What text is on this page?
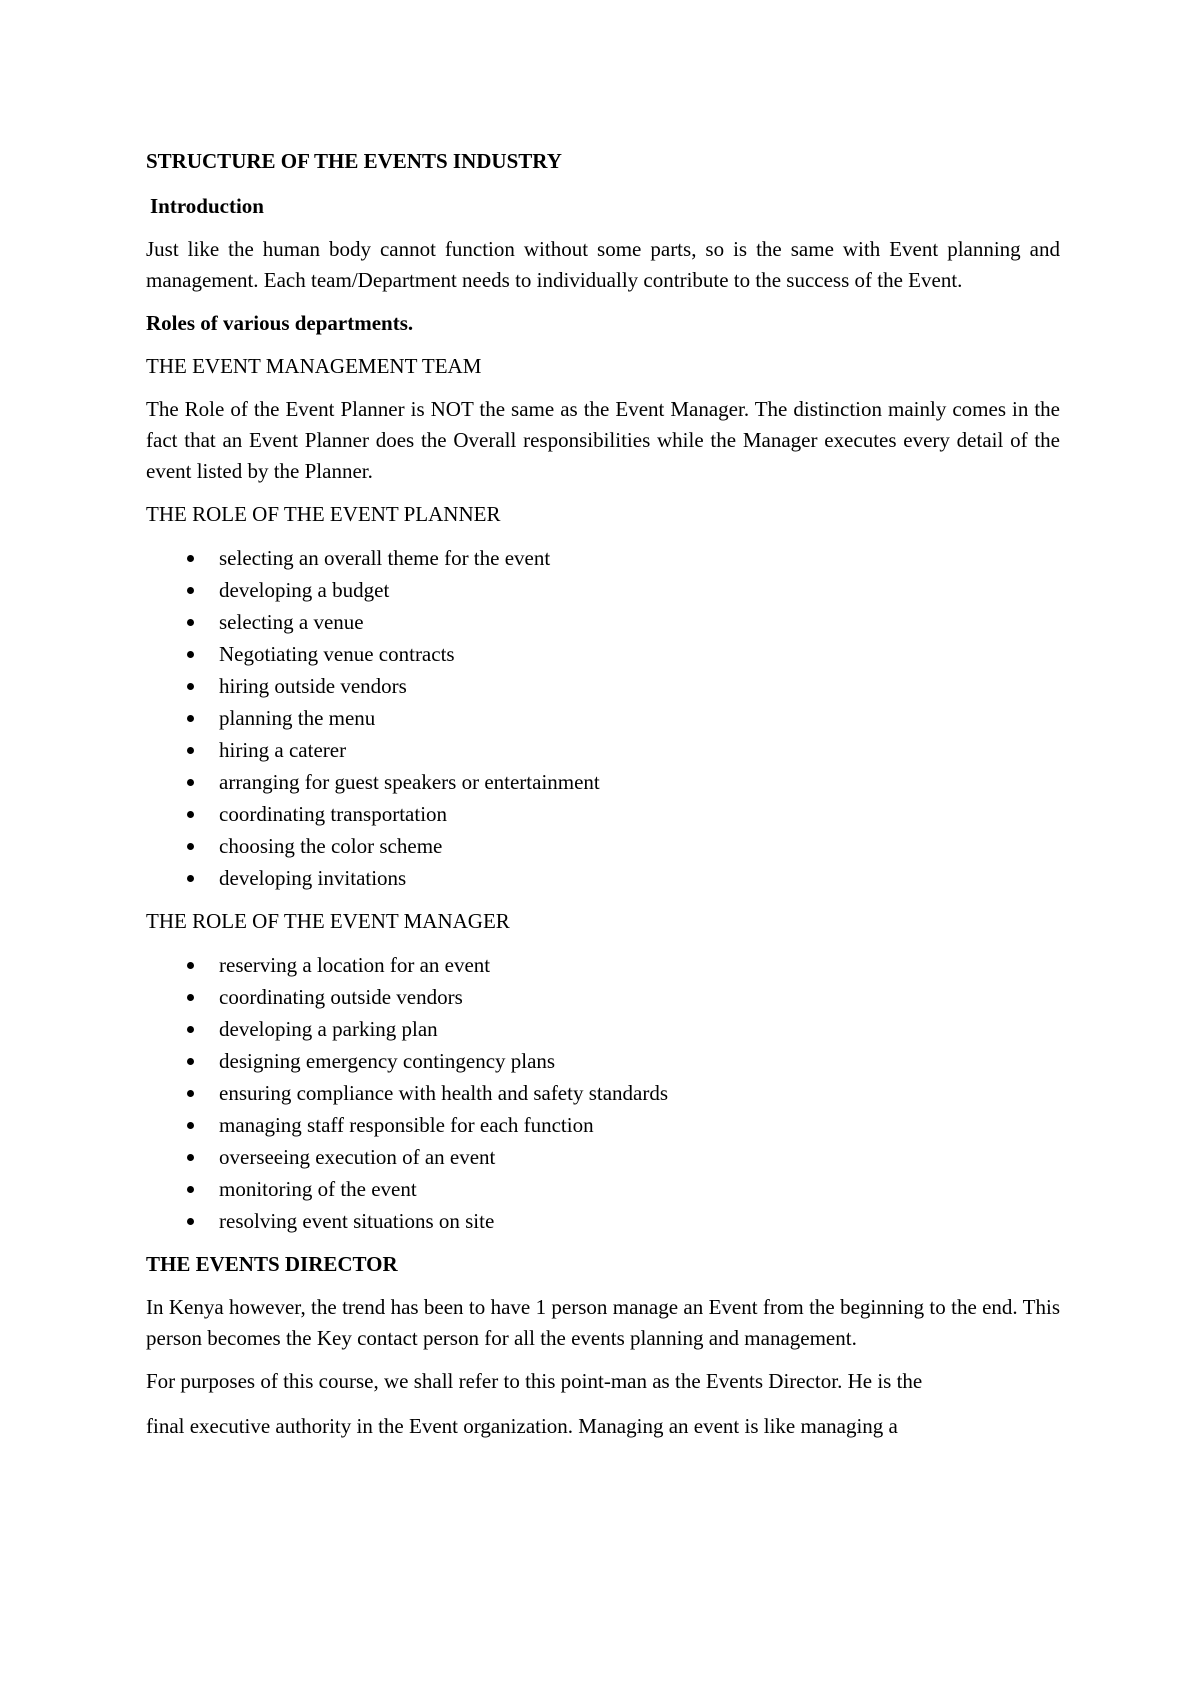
STRUCTURE OF THE EVENTS INDUSTRY
Introduction
Just like the human body cannot function without some parts, so is the same with Event planning and management. Each team/Department needs to individually contribute to the success of the Event.
Roles of various departments.
THE EVENT MANAGEMENT TEAM
The Role of the Event Planner is NOT the same as the Event Manager. The distinction mainly comes in the fact that an Event Planner does the Overall responsibilities while the Manager executes every detail of the event listed by the Planner.
THE ROLE OF THE EVENT PLANNER
selecting an overall theme for the event
developing a budget
selecting a venue
Negotiating venue contracts
hiring outside vendors
planning the menu
hiring a caterer
arranging for guest speakers or entertainment
coordinating transportation
choosing the color scheme
developing invitations
THE ROLE OF THE EVENT MANAGER
reserving a location for an event
coordinating outside vendors
developing a parking plan
designing emergency contingency plans
ensuring compliance with health and safety standards
managing staff responsible for each function
overseeing execution of an event
monitoring of the event
resolving event situations on site
THE EVENTS DIRECTOR
In Kenya however, the trend has been to have 1 person manage an Event from the beginning to the end. This person becomes the Key contact person for all the events planning and management.
For purposes of this course, we shall refer to this point-man as the Events Director. He is the
final executive authority in the Event organization. Managing an event is like managing a
